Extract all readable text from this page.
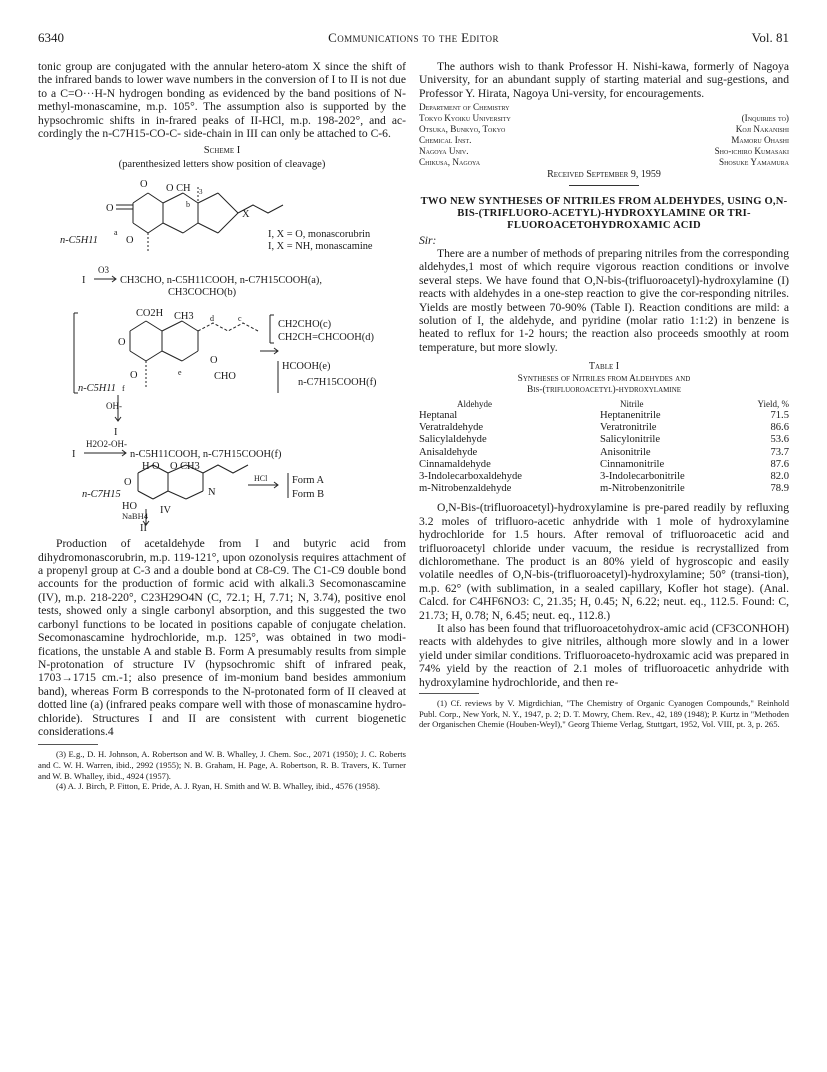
6340	Communications to the Editor	Vol. 81

tonic group are conjugated with the annular hetero-atom X since the shift of the infrared bands to lower wave numbers in the conversion of I to II is not due to a C=O···H-N hydrogen bonding as evidenced by the band positions of N-methyl-monascamine, m.p. 105°. The assumption also is supported by the hypsochromic shifts in in-frared peaks of II-HCl, m.p. 198-202°, and ac-cordingly the n-C7H15-CO-C- side-chain in III can only be attached to C-6.

Scheme I

(parenthesized letters show position of cleavage)

O O CH 3
O	b
X
a
O
n-C5H11
I, X = O, monascorubrin
I, X = NH, monascamine
I
O3
CH3CHO, n-C5H11COOH, n-C7H15COOH(a),
CH3COCHO(b)
CO2H CH3 d	c
O
O
O	e	CHO
n-C5H11 f
OH-
I
CH2CHO(c)
CH2CH=CHCOOH(d)
HCOOH(e)
n-C7H15COOH(f)
I
H2O2-OH-
n-C5H11COOH, n-C7H15COOH(f)
H O O CH3
O
n-C7H15	N
HO IV
HCl Form A
Form B
NaBH4
II

Production of acetaldehyde from I and butyric acid from dihydromonascorubrin, m.p. 119-121°, upon ozonolysis requires attachment of a propenyl group at C-3 and a double bond at C8-C9. The C1-C9 double bond accounts for the production of formic acid with alkali.3 Secomonascamine (IV), m.p. 218-220°, C23H29O4N (C, 72.1; H, 7.71; N, 3.74), positive enol tests, showed only a single carbonyl absorption, and this suggested the two carbonyl functions to be located in positions capable of conjugate chelation. Secomonascamine hydrochloride, m.p. 125°, was obtained in two modi-fications, the unstable A and stable B. Form A presumably results from simple N-protonation of structure IV (hypsochromic shift of infrared peak, 1703→1715 cm.-1; also presence of im-monium band besides ammonium band), whereas Form B corresponds to the N-protonated form of II cleaved at dotted line (a) (infrared peaks compare well with those of monascamine hydro-chloride). Structures I and II are consistent with current biogenetic considerations.4

(3) E.g., D. H. Johnson, A. Robertson and W. B. Whalley, J. Chem. Soc., 2071 (1950); J. C. Roberts and C. W. H. Warren, ibid., 2992 (1955); N. B. Graham, H. Page, A. Robertson, R. B. Travers, K. Turner and W. B. Whalley, ibid., 4924 (1957).

(4) A. J. Birch, P. Fitton, E. Pride, A. J. Ryan, H. Smith and W. B. Whalley, ibid., 4576 (1958).

The authors wish to thank Professor H. Nishi-kawa, formerly of Nagoya University, for an abundant supply of starting material and sug-gestions, and Professor Y. Hirata, Nagoya Uni-versity, for encouragements.

Department of Chemistry
Tokyo Kyoiku University	(Inquiries to)
Otsuka, Bunkyo, Tokyo	Koji Nakanishi
Chemical Inst.	Mamoru Ohashi
Nagoya Univ.	Sho-ichiro Kumasaki
Chikusa, Nagoya	Shosuke Yamamura

Received September 9, 1959

TWO NEW SYNTHESES OF NITRILES FROM ALDEHYDES, USING O,N-BIS-(TRIFLUORO-ACETYL)-HYDROXYLAMINE OR TRI-FLUOROACETOHYDROXAMIC ACID

Sir:

There are a number of methods of preparing nitriles from the corresponding aldehydes,1 most of which require vigorous reaction conditions or involve several steps. We have found that O,N-bis-(trifluoroacetyl)-hydroxylamine (I) reacts with aldehydes in a one-step reaction to give the cor-responding nitriles. Yields are mostly between 70-90% (Table I). Reaction conditions are mild: a solution of I, the aldehyde, and pyridine (molar ratio 1:1:2) in benzene is heated to reflux for 1-2 hours; the reaction also proceeds smoothly at room temperature, but more slowly.

Table I

Syntheses of Nitriles from Aldehydes and

Bis-(trifluoroacetyl)-hydroxylamine

Aldehyde	Nitrile	Yield, %
Heptanal	Heptanenitrile	71.5
Veratraldehyde	Veratronitrile	86.6
Salicylaldehyde	Salicylonitrile	53.6
Anisaldehyde	Anisonitrile	73.7
Cinnamaldehyde	Cinnamonitrile	87.6
3-Indolecarboxaldehyde	3-Indolecarbonitrile	82.0
m-Nitrobenzaldehyde	m-Nitrobenzonitrile	78.9

O,N-Bis-(trifluoroacetyl)-hydroxylamine is pre-pared readily by refluxing 3.2 moles of trifluoro-acetic anhydride with 1 mole of hydroxylamine hydrochloride for 1.5 hours. After removal of trifluoroacetic acid and trifluoroacetyl chloride under vacuum, the residue is recrystallized from dichloromethane. The product is an 80% yield of hygroscopic and easily volatile needles of O,N-bis-(trifluoroacetyl)-hydroxylamine; 50° (transi-tion), m.p. 62° (with sublimation, in a sealed capillary, Kofler hot stage). (Anal. Calcd. for C4HF6NO3: C, 21.35; H, 0.45; N, 6.22; neut. eq., 112.5. Found: C, 21.73; H, 0.78; N, 6.45; neut. eq., 112.8.)

It also has been found that trifluoroacetohydrox-amic acid (CF3CONHOH) reacts with aldehydes to give nitriles, although more slowly and in a lower yield under similar conditions. Trifluoroaceto-hydroxamic acid was prepared in 74% yield by the reaction of 2.1 moles of trifluoroacetic anhydride with hydroxylamine hydrochloride, and then re-

(1) Cf. reviews by V. Migrdichian, "The Chemistry of Organic Cyanogen Compounds," Reinhold Publ. Corp., New York, N. Y., 1947, p. 2; D. T. Mowry, Chem. Rev., 42, 189 (1948); P. Kurtz in "Methoden der Organischen Chemie (Houben-Weyl)," Georg Thieme Verlag, Stuttgart, 1952, Vol. VIII, pt. 3, p. 265.
